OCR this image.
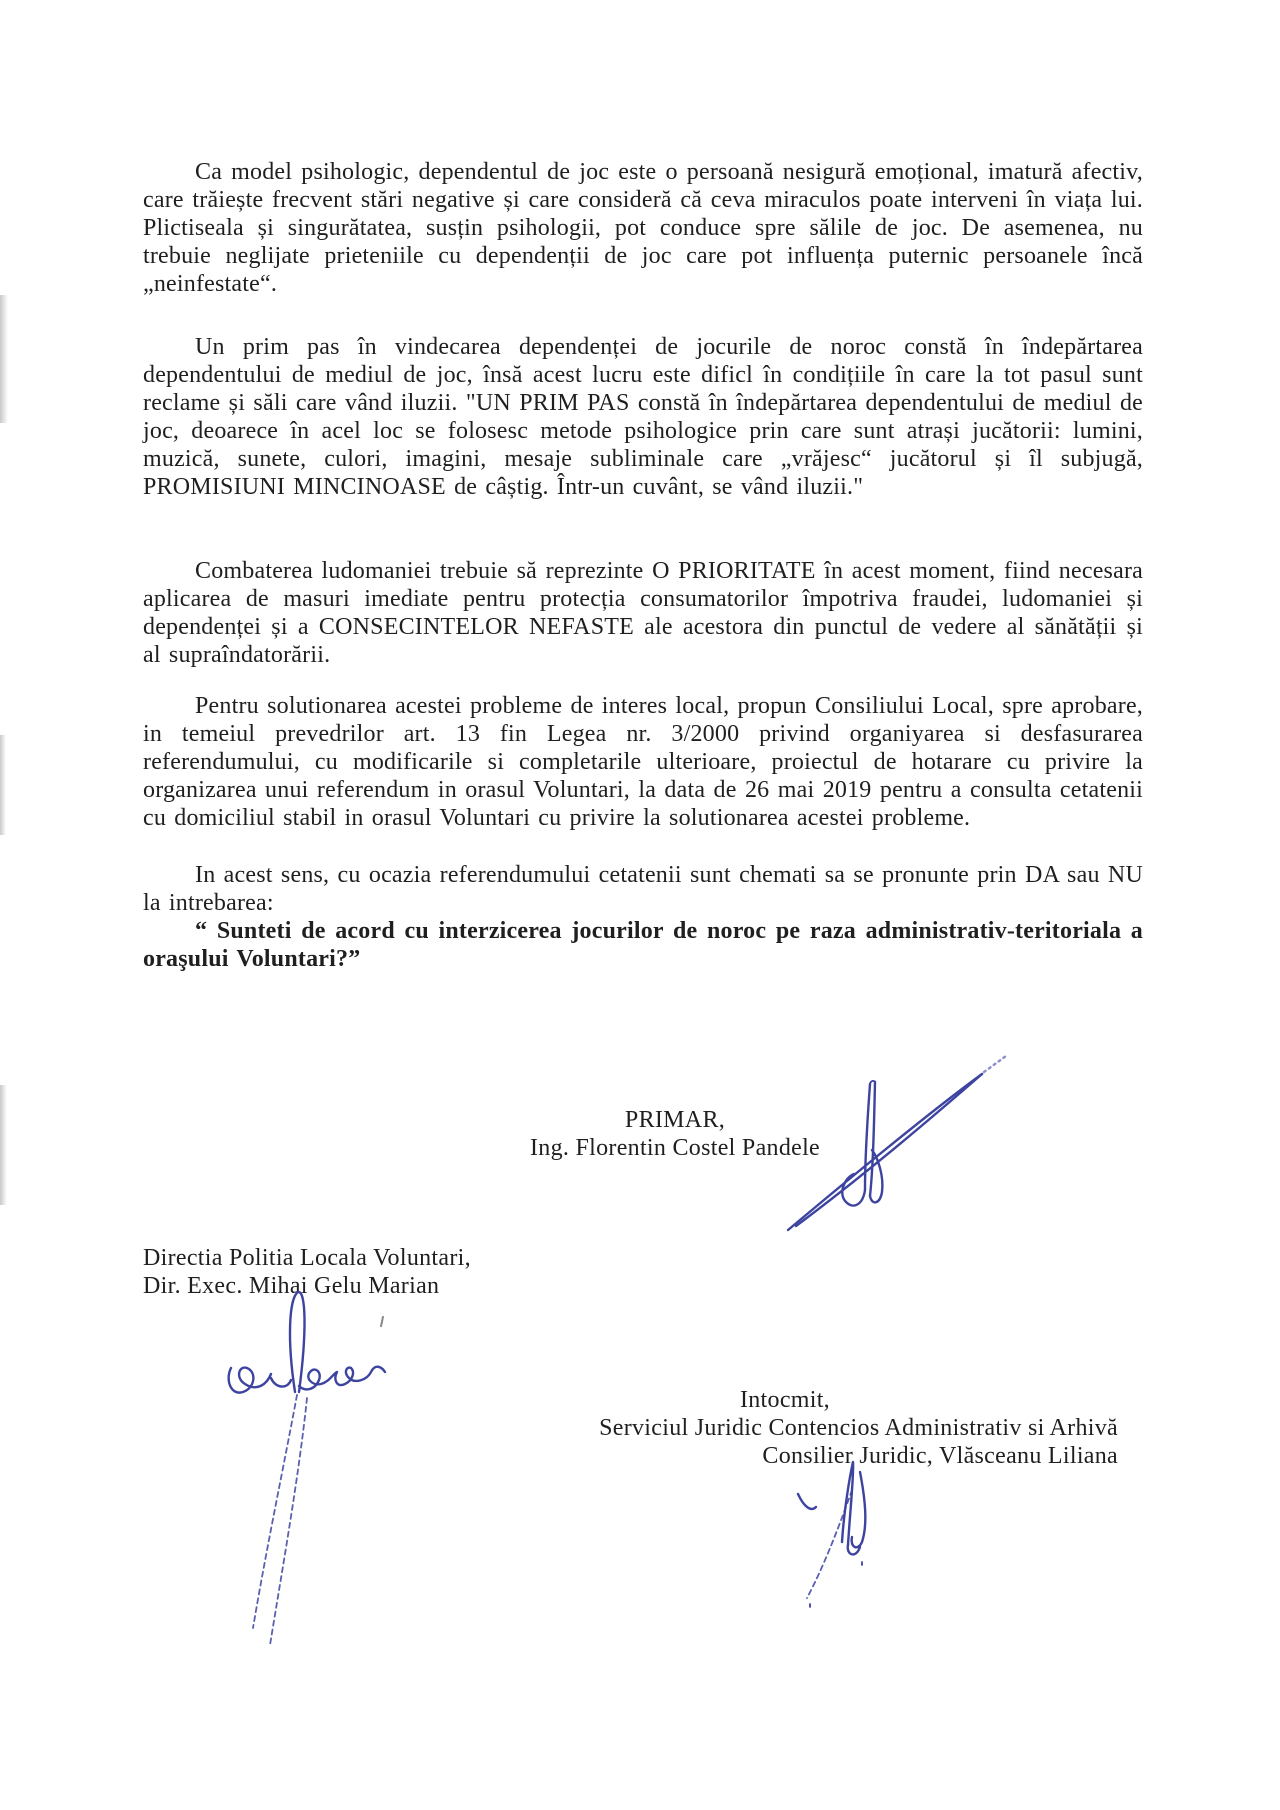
Ca model psihologic, dependentul de joc este o persoană nesigură emoțional, imatură afectiv, care trăiește frecvent stări negative și care consideră că ceva miraculos poate interveni în viața lui. Plictiseala și singurătatea, susțin psihologii, pot conduce spre sălile de joc. De asemenea, nu trebuie neglijate prieteniile cu dependenții de joc care pot influența puternic persoanele încă „neinfestate“.

Un prim pas în vindecarea dependenței de jocurile de noroc constă în îndepărtarea dependentului de mediul de joc, însă acest lucru este dificl în condițiile în care la tot pasul sunt reclame și săli care vând iluzii. "UN PRIM PAS constă în îndepărtarea dependentului de mediul de joc, deoarece în acel loc se folosesc metode psihologice prin care sunt atrași jucătorii: lumini, muzică, sunete, culori, imagini, mesaje subliminale care „vrăjesc“ jucătorul și îl subjugă, PROMISIUNI MINCINOASE de câștig. Într-un cuvânt, se vând iluzii."

Combaterea ludomaniei trebuie să reprezinte O PRIORITATE în acest moment, fiind necesara aplicarea de masuri imediate pentru protecția consumatorilor împotriva fraudei, ludomaniei și dependenței și a CONSECINTELOR NEFASTE ale acestora din punctul de vedere al sănătății și al supraîndatorării.

Pentru solutionarea acestei probleme de interes local, propun Consiliului Local, spre aprobare, in temeiul prevedrilor art. 13 fin Legea nr. 3/2000 privind organiyarea si desfasurarea referendumului, cu modificarile si completarile ulterioare, proiectul de hotarare cu privire la organizarea unui referendum in orasul Voluntari, la data de 26 mai 2019 pentru a consulta cetatenii cu domiciliul stabil in orasul Voluntari cu privire la solutionarea acestei probleme.

In acest sens, cu ocazia referendumului cetatenii sunt chemati sa se pronunte prin DA sau NU la intrebarea:

“ Sunteti de acord cu interzicerea jocurilor de noroc pe raza administrativ-teritoriala a oraşului Voluntari?”

PRIMAR,
Ing. Florentin Costel Pandele
Directia Politia Locala Voluntari,
Dir. Exec. Mihai Gelu Marian
Intocmit,
Serviciul Juridic Contencios Administrativ si Arhivă
Consilier Juridic, Vlăsceanu Liliana
